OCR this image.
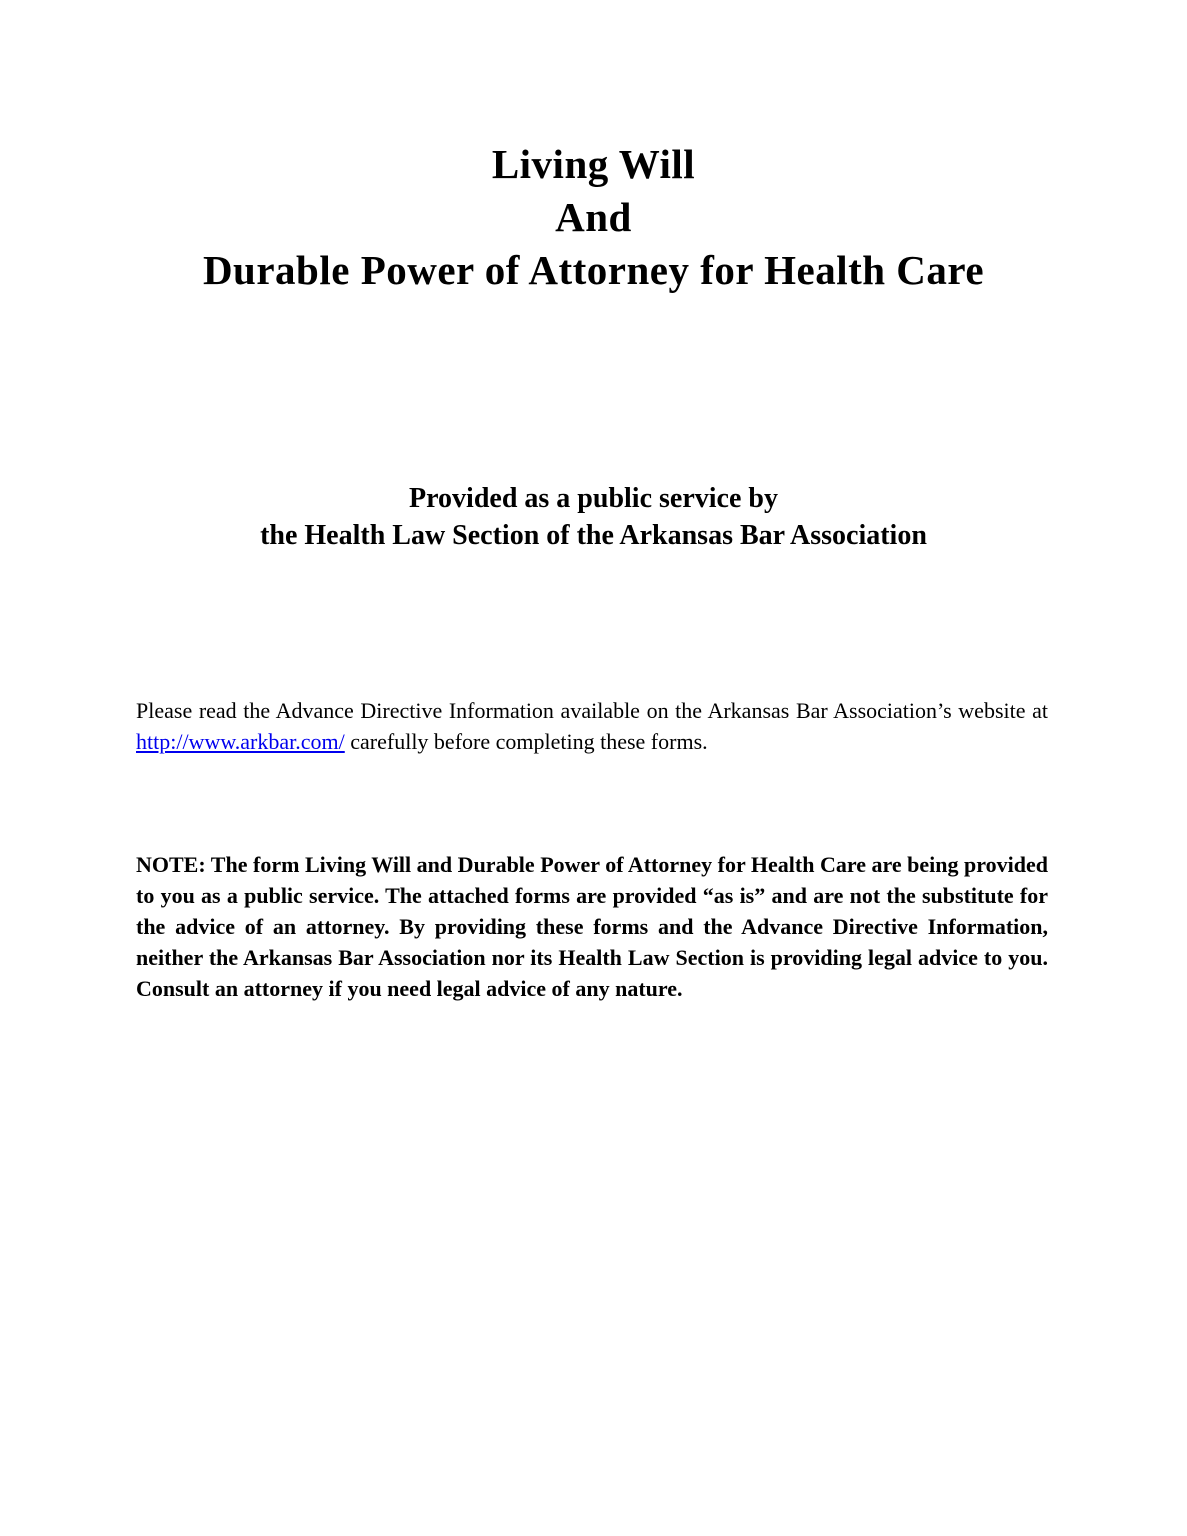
Living Will
And
Durable Power of Attorney for Health Care
Provided as a public service by
the Health Law Section of the Arkansas Bar Association

Please read the Advance Directive Information available on the Arkansas Bar Association’s website at http://www.arkbar.com/ carefully before completing these forms.

NOTE: The form Living Will and Durable Power of Attorney for Health Care are being provided to you as a public service. The attached forms are provided “as is” and are not the substitute for the advice of an attorney. By providing these forms and the Advance Directive Information, neither the Arkansas Bar Association nor its Health Law Section is providing legal advice to you. Consult an attorney if you need legal advice of any nature.
